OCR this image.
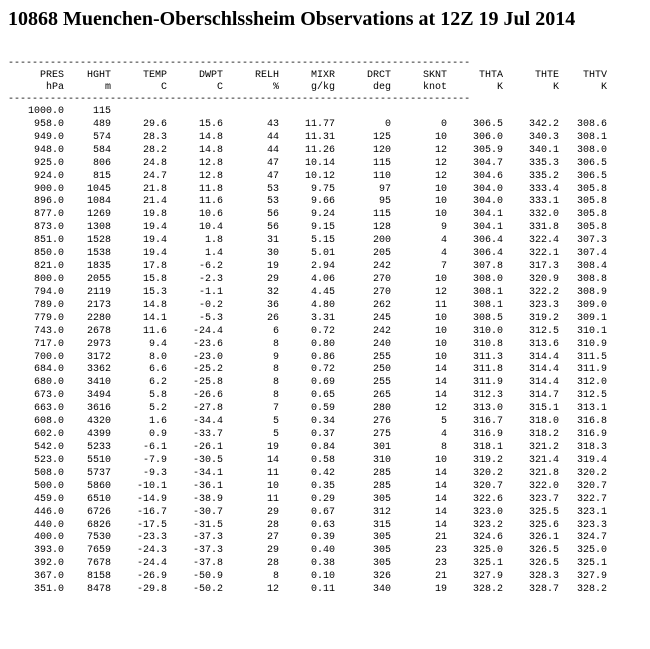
10868 Muenchen-Oberschlssheim Observations at 12Z 19 Jul 2014
-----------------------------------------------------------------------------
PRES HGHT	TEMP	DWPT	RELH	MIXR	DRCT	SKNT	THTA	THTE THTV
hPa	m	C	C	%	g/kg	deg	knot	K	K	K
-----------------------------------------------------------------------------
1000.0	115
958.0	489	29.6	15.6	43	11.77	0	0	306.5	342.2 308.6
949.0	574	28.3	14.8	44	11.31	125	10	306.0	340.3 308.1
948.0	584	28.2	14.8	44	11.26	120	12	305.9	340.1 308.0
925.0	806	24.8	12.8	47	10.14	115	12	304.7	335.3 306.5
924.0	815	24.7	12.8	47	10.12	110	12	304.6	335.2 306.5
900.0 1045	21.8	11.8	53	9.75	97	10	304.0	333.4 305.8
896.0 1084	21.4	11.6	53	9.66	95	10	304.0	333.1 305.8
877.0 1269	19.8	10.6	56	9.24	115	10	304.1	332.0 305.8
873.0 1308	19.4	10.4	56	9.15	128	9	304.1	331.8 305.8
851.0 1528	19.4	1.8	31	5.15	200	4	306.4	322.4 307.3
850.0 1538	19.4	1.4	30	5.01	205	4	306.4	322.1 307.4
821.0 1835	17.8	-6.2	19	2.94	242	7	307.8	317.3 308.4
800.0 2055	15.8	-2.3	29	4.06	270	10	308.0	320.9 308.8
794.0 2119	15.3	-1.1	32	4.45	270	12	308.1	322.2 308.9
789.0 2173	14.8	-0.2	36	4.80	262	11	308.1	323.3 309.0
779.0 2280	14.1	-5.3	26	3.31	245	10	308.5	319.2 309.1
743.0 2678	11.6	-24.4	6	0.72	242	10	310.0	312.5 310.1
717.0 2973	9.4	-23.6	8	0.80	240	10	310.8	313.6 310.9
700.0 3172	8.0	-23.0	9	0.86	255	10	311.3	314.4 311.5
684.0 3362	6.6	-25.2	8	0.72	250	14	311.8	314.4 311.9
680.0 3410	6.2	-25.8	8	0.69	255	14	311.9	314.4 312.0
673.0 3494	5.8	-26.6	8	0.65	265	14	312.3	314.7 312.5
663.0 3616	5.2	-27.8	7	0.59	280	12	313.0	315.1 313.1
608.0 4320	1.6	-34.4	5	0.34	276	5	316.7	318.0 316.8
602.0 4399	0.9	-33.7	5	0.37	275	4	316.9	318.2 316.9
542.0 5233	-6.1	-26.1	19	0.84	301	8	318.1	321.2 318.3
523.0 5510	-7.9	-30.5	14	0.58	310	10	319.2	321.4 319.4
508.0 5737	-9.3	-34.1	11	0.42	285	14	320.2	321.8 320.2
500.0 5860	-10.1	-36.1	10	0.35	285	14	320.7	322.0 320.7
459.0 6510	-14.9	-38.9	11	0.29	305	14	322.6	323.7 322.7
446.0 6726	-16.7	-30.7	29	0.67	312	14	323.0	325.5 323.1
440.0 6826	-17.5	-31.5	28	0.63	315	14	323.2	325.6 323.3
400.0 7530	-23.3	-37.3	27	0.39	305	21	324.6	326.1 324.7
393.0 7659	-24.3	-37.3	29	0.40	305	23	325.0	326.5 325.0
392.0 7678	-24.4	-37.8	28	0.38	305	23	325.1	326.5 325.1
367.0 8158	-26.9	-50.9	8	0.10	326	21	327.9	328.3 327.9
351.0 8478	-29.8	-50.2	12	0.11	340	19	328.2	328.7 328.2
